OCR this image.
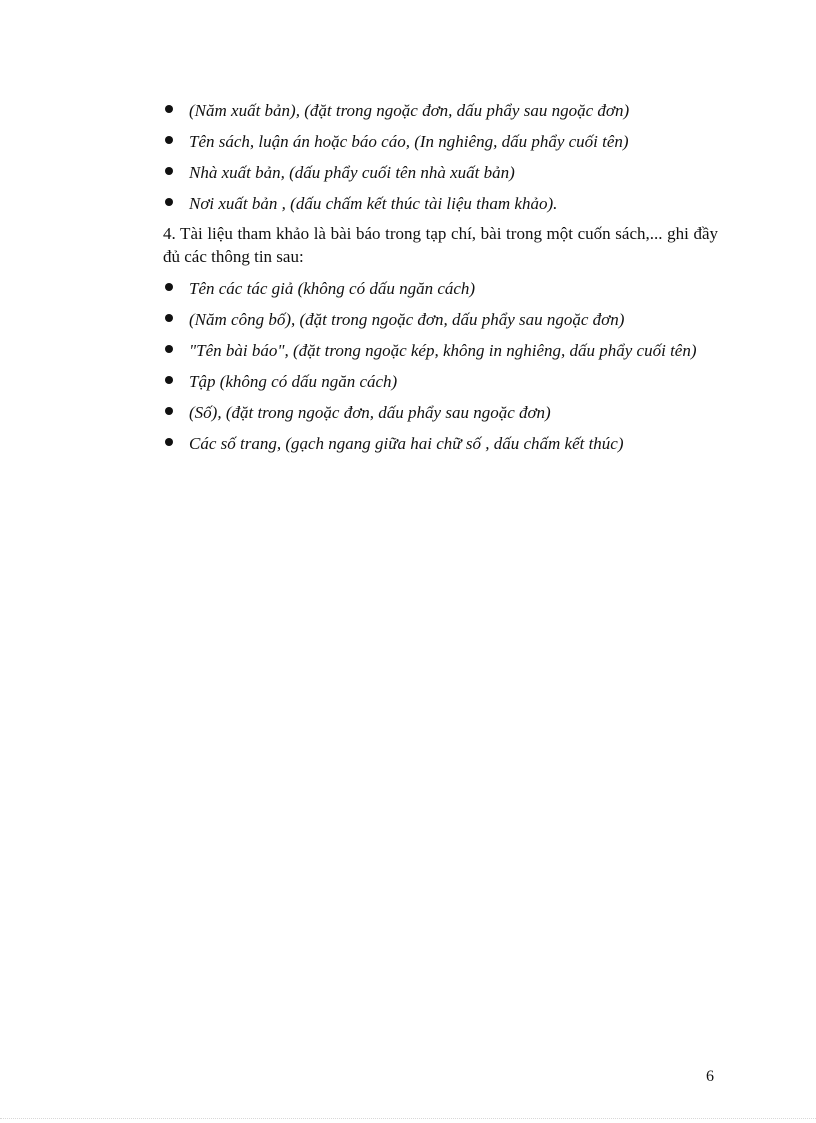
(Năm xuất bản), (đặt trong ngoặc đơn, dấu phẩy sau ngoặc đơn)
Tên sách, luận án hoặc báo cáo, (In nghiêng, dấu phẩy cuối tên)
Nhà xuất bản, (dấu phẩy cuối tên nhà xuất bản)
Nơi xuất bản , (dấu chấm kết thúc tài liệu tham khảo).

4. Tài liệu tham khảo là bài báo trong tạp chí, bài trong một cuốn sách,... ghi đầy đủ các thông tin sau:

Tên các tác giả (không có dấu ngăn cách)
(Năm công bố), (đặt trong ngoặc đơn, dấu phẩy sau ngoặc đơn)
"Tên bài báo", (đặt trong ngoặc kép, không in nghiêng, dấu phẩy cuối tên)
Tập (không có dấu ngăn cách)
(Số), (đặt trong ngoặc đơn, dấu phẩy sau ngoặc đơn)
Các số trang, (gạch ngang giữa hai chữ số , dấu chấm kết thúc)
6
